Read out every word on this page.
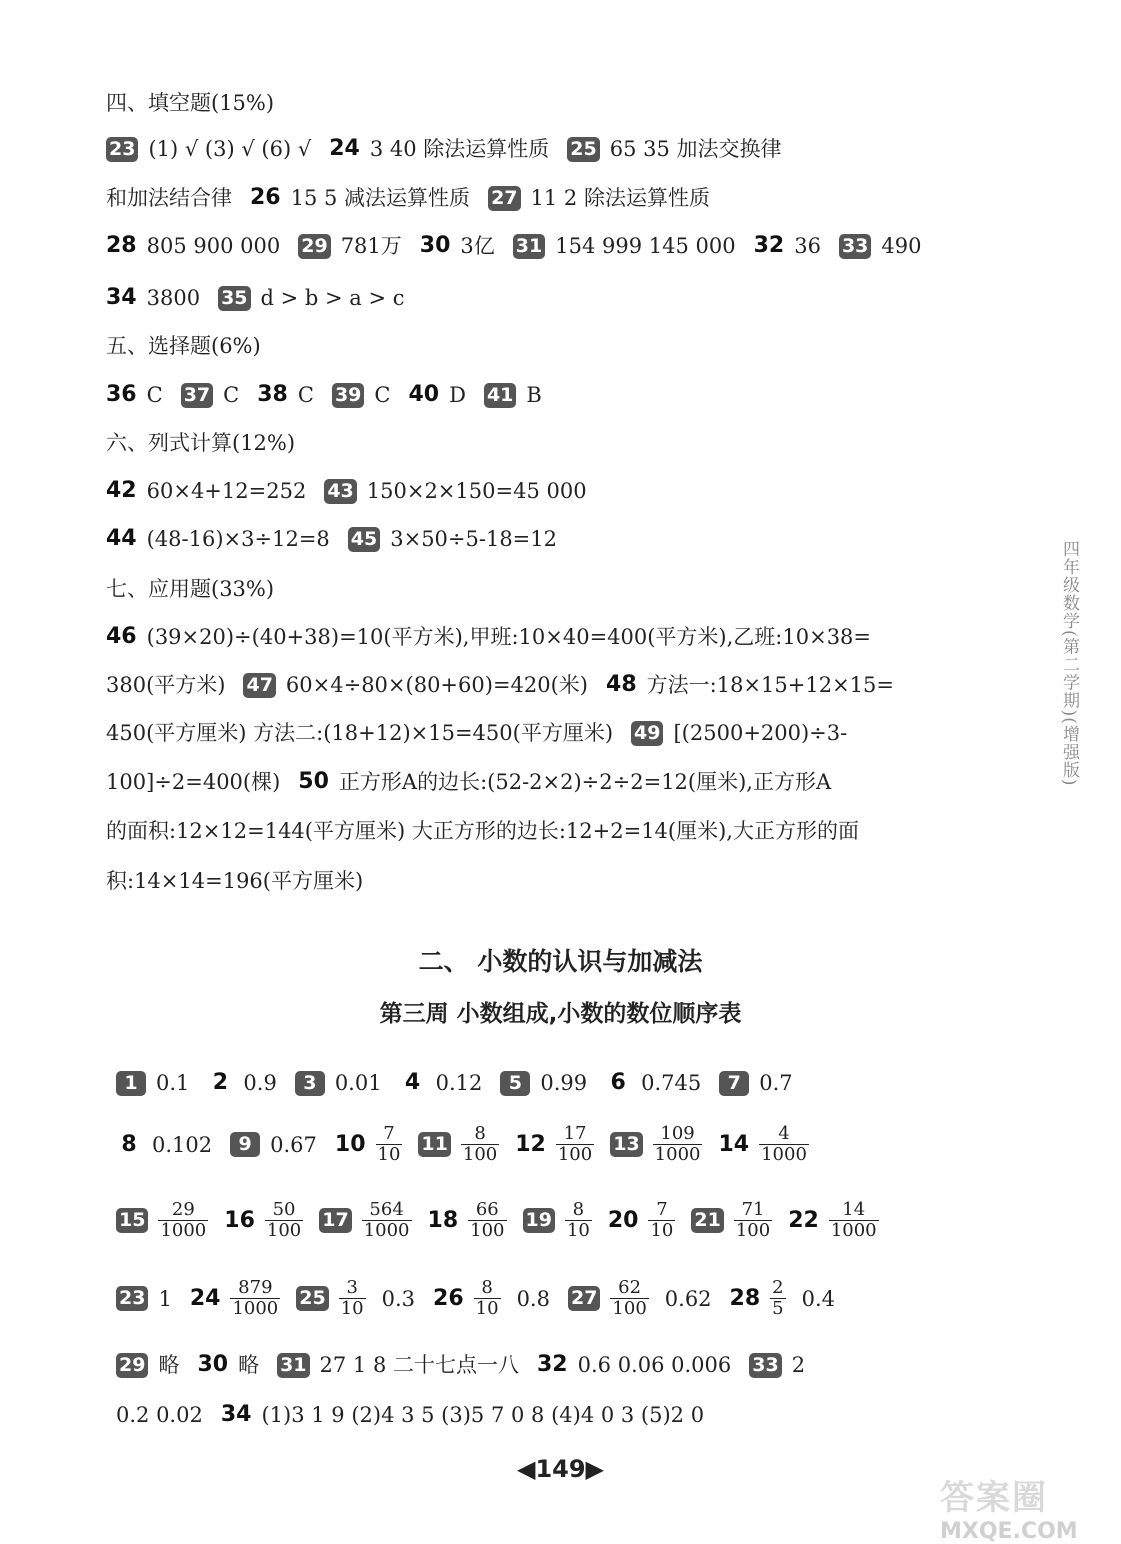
四、填空题(15%)
23 (1) √ (3) √ (6) √ 24 3 40 除法运算性质 25 65 35 加法交换律
和加法结合律 26 15 5 减法运算性质 27 11 2 除法运算性质
28 805 900 000 29 781万 30 3亿 31 154 999 145 000 32 36 33 490
34 3800 35 d > b > a > c
五、选择题(6%)
36 C 37 C 38 C 39 C 40 D 41 B
六、列式计算(12%)
42 60×4+12=252 43 150×2×150=45 000
44 (48-16)×3÷12=8 45 3×50÷5-18=12
七、应用题(33%)
46 (39×20)÷(40+38)=10(平方米),甲班:10×40=400(平方米),乙班:10×38=
380(平方米) 47 60×4÷80×(80+60)=420(米) 48 方法一:18×15+12×15=
450(平方厘米) 方法二:(18+12)×15=450(平方厘米) 49 [(2500+200)÷3-
100]÷2=400(棵) 50 正方形A的边长:(52-2×2)÷2÷2=12(厘米),正方形A
的面积:12×12=144(平方厘米) 大正方形的边长:12+2=14(厘米),大正方形的面
积:14×14=196(平方厘米)
二、 小数的认识与加减法
第三周 小数组成,小数的数位顺序表
1 0.1 2 0.9	3 0.01 4 0.12	5 0.99 6 0.745	7 0.7
8 0.102	9 0.67 $10 \frac{7}{10} 11 \frac{8}{100} 12 \frac{17}{100} 13 \frac{109}{1000} 14 \frac{4}{1000}$
$15 \frac{29}{1000} 16 \frac{50}{100} 17 \frac{564}{1000} 18 \frac{66}{100} 19 \frac{8}{10} 20 \frac{7}{10} 21 \frac{71}{100} 22 \frac{14}{1000}$
23 1 $24 \frac{879}{1000} 25 \frac{3}{10} 0.3$ $26 \frac{8}{10} 0.8$ $27 \frac{62}{100} 0.62$ $28 \frac{2}{5} 0.4$
29 略 30 略 31 27 1 8 二十七点一八 32 0.6 0.06 0.006 33 2
0.2 0.02 34 (1)3 1 9 (2)4 3 5 (3)5 7 0 8 (4)4 0 3 (5)2 0
四年级数学(第二学期)(增强版)
◀149▶
答案圈
MXQE.COM
